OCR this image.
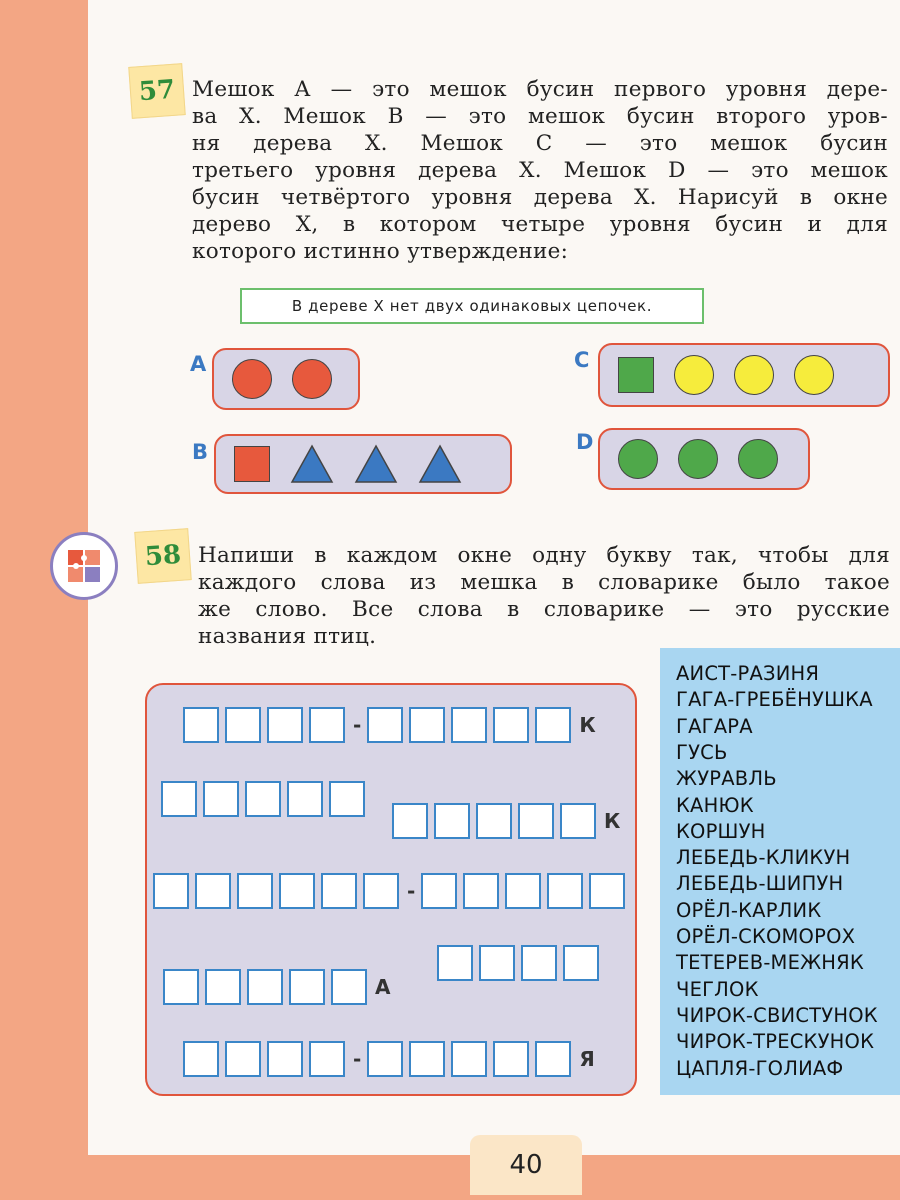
57 Мешок А — это мешок бусин первого уровня дере-
ва Х. Мешок В — это мешок бусин второго уров-
ня дерева Х. Мешок С — это мешок бусин
третьего уровня дерева Х. Мешок D — это мешок
бусин четвёртого уровня дерева Х. Нарисуй в окне
дерево Х, в котором четыре уровня бусин и для
которого истинно утверждение:
В дереве Х нет двух одинаковых цепочек.
A
B
C
D
58 Напиши в каждом окне одну букву так, чтобы для
каждого слова из мешка в словарике было такое
же слово. Все слова в словарике — это русские
названия птиц.
-	К
К
-
А
-	Я
АИСТ-РАЗИНЯ
ГАГА-ГРЕБЁНУШКА
ГАГАРА
ГУСЬ
ЖУРАВЛЬ
КАНЮК
КОРШУН
ЛЕБЕДЬ-КЛИКУН
ЛЕБЕДЬ-ШИПУН
ОРЁЛ-КАРЛИК
ОРЁЛ-СКОМОРОХ
ТЕТЕРЕВ-МЕЖНЯК
ЧЕГЛОК
ЧИРОК-СВИСТУНОК
ЧИРОК-ТРЕСКУНОК
ЦАПЛЯ-ГОЛИАФ
40
